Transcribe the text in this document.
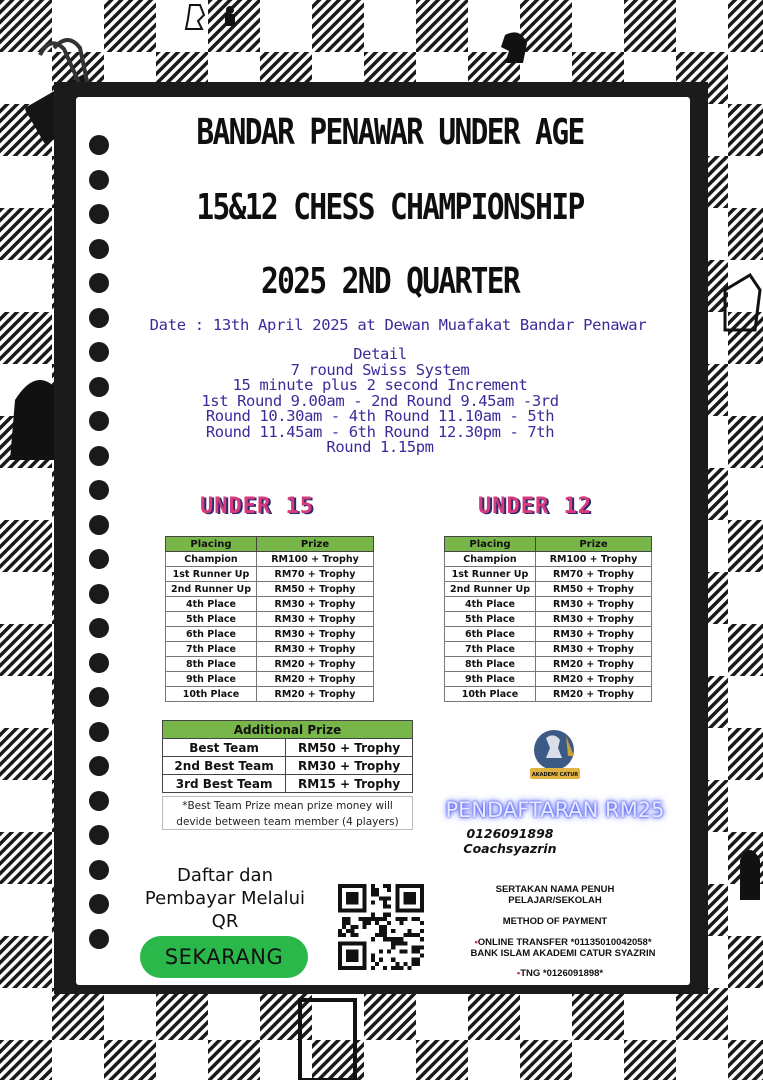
BANDAR PENAWAR UNDER AGE
15&12 CHESS CHAMPIONSHIP
2025 2ND QUARTER
Date : 13th April 2025 at Dewan Muafakat Bandar Penawar
Detail
7 round Swiss System
15 minute plus 2 second Increment
1st Round 9.00am - 2nd Round 9.45am -3rd
Round 10.30am - 4th Round 11.10am - 5th
Round 11.45am - 6th Round 12.30pm - 7th
Round 1.15pm
UNDER 15	UNDER 12
Placing	Prize
Champion	RM100 + Trophy
1st Runner Up	RM70 + Trophy
2nd Runner Up	RM50 + Trophy
4th Place	RM30 + Trophy
5th Place	RM30 + Trophy
6th Place	RM30 + Trophy
7th Place	RM30 + Trophy
8th Place	RM20 + Trophy
9th Place	RM20 + Trophy
10th Place	RM20 + Trophy
Placing	Prize
Champion	RM100 + Trophy
1st Runner Up	RM70 + Trophy
2nd Runner Up	RM50 + Trophy
4th Place	RM30 + Trophy
5th Place	RM30 + Trophy
6th Place	RM30 + Trophy
7th Place	RM30 + Trophy
8th Place	RM20 + Trophy
9th Place	RM20 + Trophy
10th Place	RM20 + Trophy
Additional Prize	
Best Team	RM50 + Trophy
2nd Best Team	RM30 + Trophy
3rd Best Team	RM15 + Trophy
*Best Team Prize mean prize money will
devide between team member (4 players)
Daftar dan
Pembayar Melalui
QR
SEKARANG
AKADEMI CATUR
PENDAFTARAN RM25
0126091898
Coachsyazrin
SERTAKAN NAMA PENUH
PELAJAR/SEKOLAH
METHOD OF PAYMENT
•ONLINE TRANSFER *01135010042058*
BANK ISLAM AKADEMI CATUR SYAZRIN
•TNG *0126091898*
